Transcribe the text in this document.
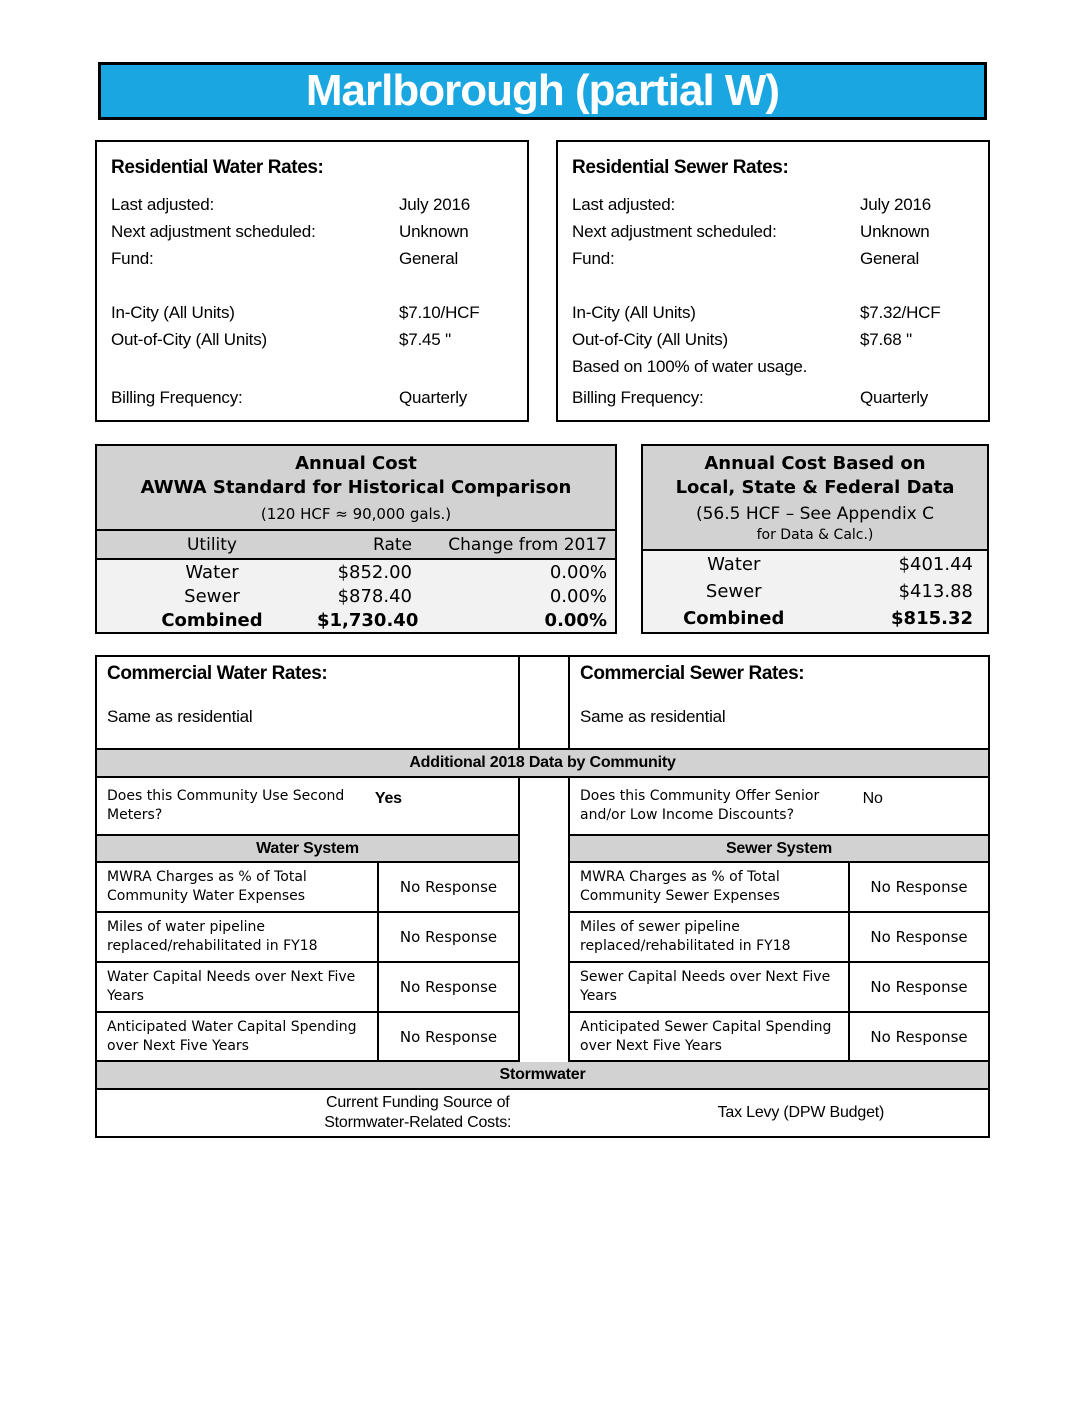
Marlborough (partial W)
Residential Water Rates:
Last adjusted:	July 2016
Next adjustment scheduled:	Unknown
Fund:	General
In-City (All Units)	$7.10/HCF
Out-of-City (All Units)	$7.45 "
Billing Frequency:	Quarterly
Residential Sewer Rates:
Last adjusted:	July 2016
Next adjustment scheduled:	Unknown
Fund:	General
In-City (All Units)	$7.32/HCF
Out-of-City (All Units)	$7.68 "
Based on 100% of water usage.
Billing Frequency:	Quarterly
Annual Cost
AWWA Standard for Historical Comparison
(120 HCF ≈ 90,000 gals.)
Utility	Rate	Change from 2017
Water	$852.00	0.00%
Sewer	$878.40	0.00%
Combined	$1,730.40	0.00%
Annual Cost Based on
Local, State & Federal Data
(56.5 HCF – See Appendix C
for Data & Calc.)
Water	$401.44
Sewer	$413.88
Combined	$815.32
Commercial Water Rates:
Same as residential
Commercial Sewer Rates:
Same as residential
Additional 2018 Data by Community
Does this Community Use Second Meters?
Yes
Water System
MWRA Charges as % of Total Community Water Expenses	No Response
Miles of water pipeline replaced/rehabilitated in FY18	No Response
Water Capital Needs over Next Five Years	No Response
Anticipated Water Capital Spending over Next Five Years	No Response
Does this Community Offer Senior and/or Low Income Discounts?
No
Sewer System
MWRA Charges as % of Total Community Sewer Expenses	No Response
Miles of sewer pipeline replaced/rehabilitated in FY18	No Response
Sewer Capital Needs over Next Five Years	No Response
Anticipated Sewer Capital Spending over Next Five Years	No Response
Stormwater
Current Funding Source of
Stormwater-Related Costs:
Tax Levy (DPW Budget)
